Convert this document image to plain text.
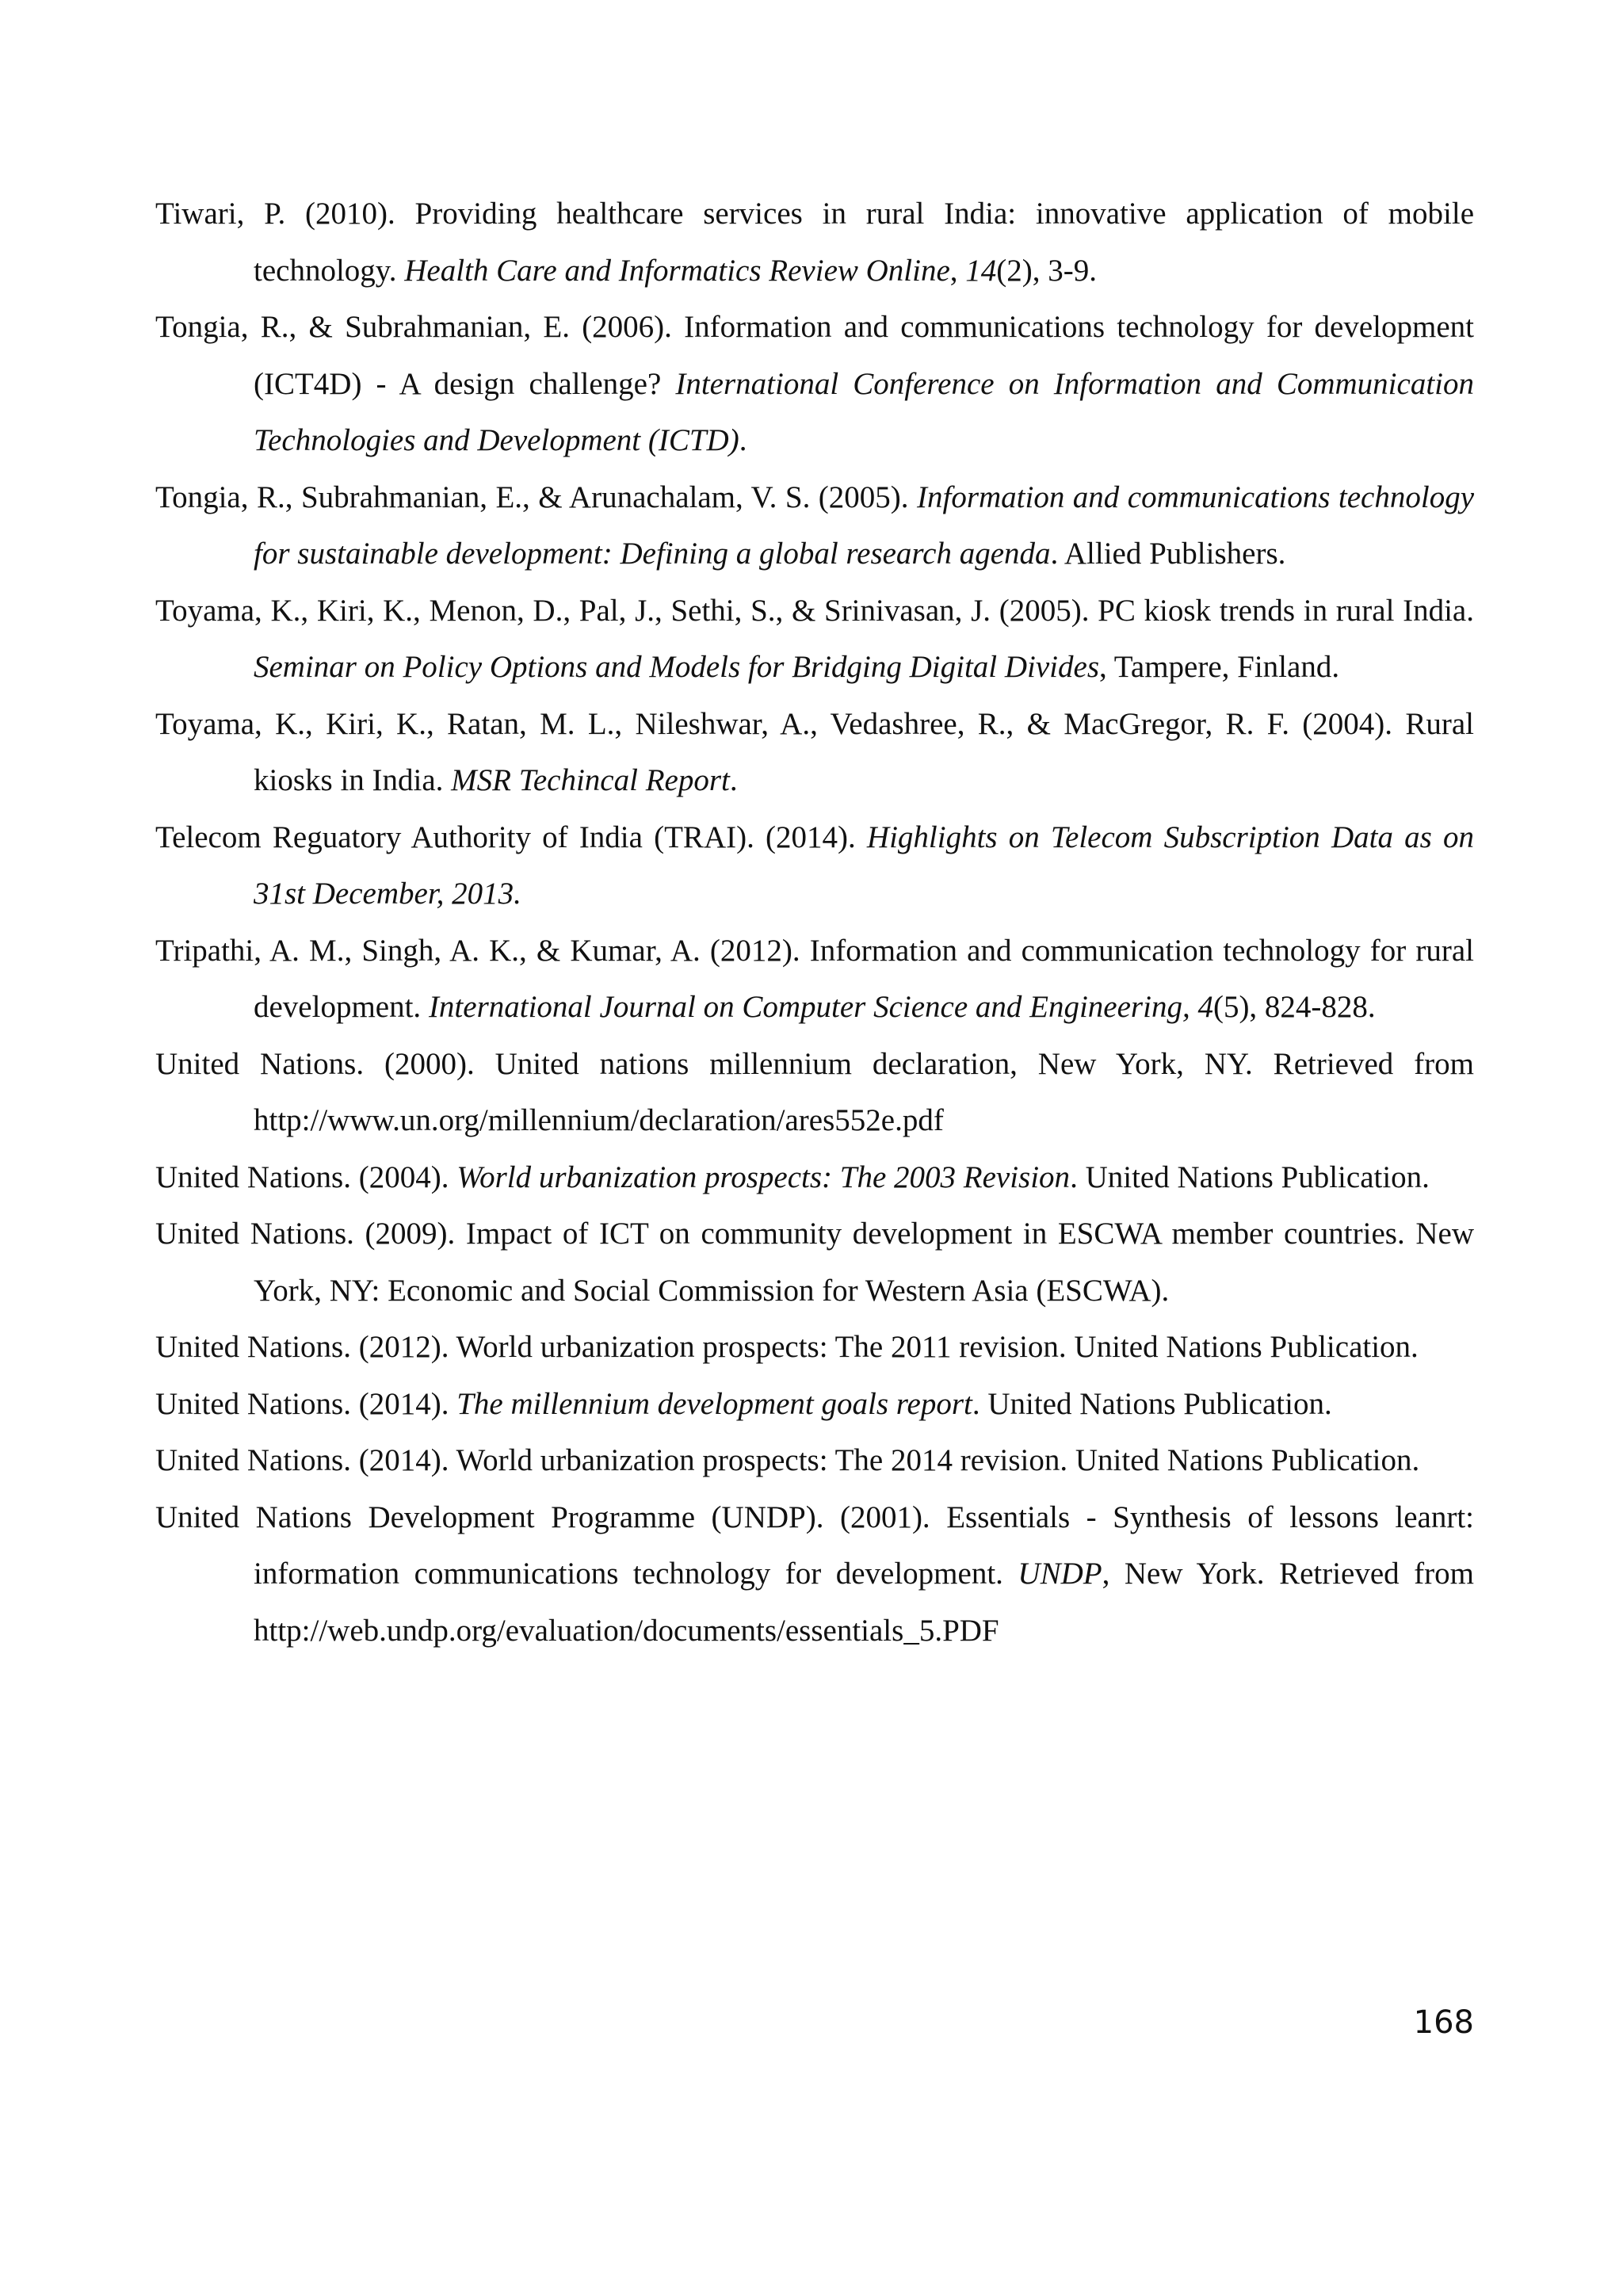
Tiwari, P. (2010). Providing healthcare services in rural India: innovative application of mobile technology. Health Care and Informatics Review Online, 14(2), 3-9.

Tongia, R., & Subrahmanian, E. (2006). Information and communications technology for development (ICT4D) - A design challenge? International Conference on Information and Communication Technologies and Development (ICTD).

Tongia, R., Subrahmanian, E., & Arunachalam, V. S. (2005). Information and communications technology for sustainable development: Defining a global research agenda. Allied Publishers.

Toyama, K., Kiri, K., Menon, D., Pal, J., Sethi, S., & Srinivasan, J. (2005). PC kiosk trends in rural India. Seminar on Policy Options and Models for Bridging Digital Divides, Tampere, Finland.

Toyama, K., Kiri, K., Ratan, M. L., Nileshwar, A., Vedashree, R., & MacGregor, R. F. (2004). Rural kiosks in India. MSR Techincal Report.

Telecom Reguatory Authority of India (TRAI). (2014). Highlights on Telecom Subscription Data as on 31st December, 2013.

Tripathi, A. M., Singh, A. K., & Kumar, A. (2012). Information and communication technology for rural development. International Journal on Computer Science and Engineering, 4(5), 824-828.

United Nations. (2000). United nations millennium declaration, New York, NY. Retrieved from http://www.un.org/millennium/declaration/ares552e.pdf

United Nations. (2004). World urbanization prospects: The 2003 Revision. United Nations Publication.

United Nations. (2009). Impact of ICT on community development in ESCWA member countries. New York, NY: Economic and Social Commission for Western Asia (ESCWA).

United Nations. (2012). World urbanization prospects: The 2011 revision. United Nations Publication.

United Nations. (2014). The millennium development goals report. United Nations Publication.

United Nations. (2014). World urbanization prospects: The 2014 revision. United Nations Publication.

United Nations Development Programme (UNDP). (2001). Essentials - Synthesis of lessons leanrt: information communications technology for development. UNDP, New York. Retrieved from http://web.undp.org/evaluation/documents/essentials_5.PDF

168
